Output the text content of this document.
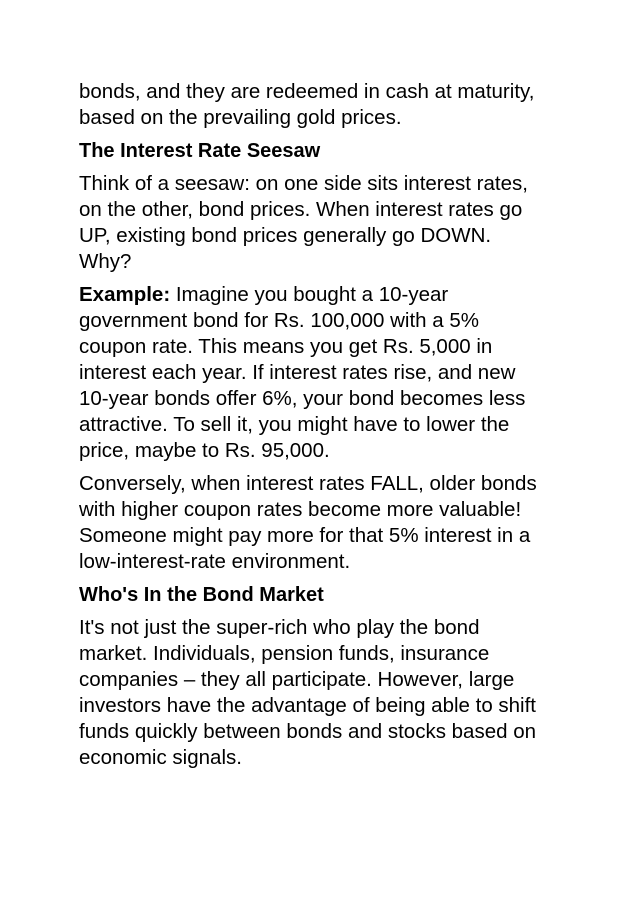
bonds, and they are redeemed in cash at maturity,
based on the prevailing gold prices.

The Interest Rate Seesaw

Think of a seesaw: on one side sits interest rates,
on the other, bond prices. When interest rates go
UP, existing bond prices generally go DOWN.
Why?

Example: Imagine you bought a 10-year
government bond for Rs. 100,000 with a 5%
coupon rate. This means you get Rs. 5,000 in
interest each year. If interest rates rise, and new
10-year bonds offer 6%, your bond becomes less
attractive. To sell it, you might have to lower the
price, maybe to Rs. 95,000.

Conversely, when interest rates FALL, older bonds
with higher coupon rates become more valuable!
Someone might pay more for that 5% interest in a
low-interest-rate environment.

Who's In the Bond Market

It's not just the super-rich who play the bond
market. Individuals, pension funds, insurance
companies – they all participate. However, large
investors have the advantage of being able to shift
funds quickly between bonds and stocks based on
economic signals.
